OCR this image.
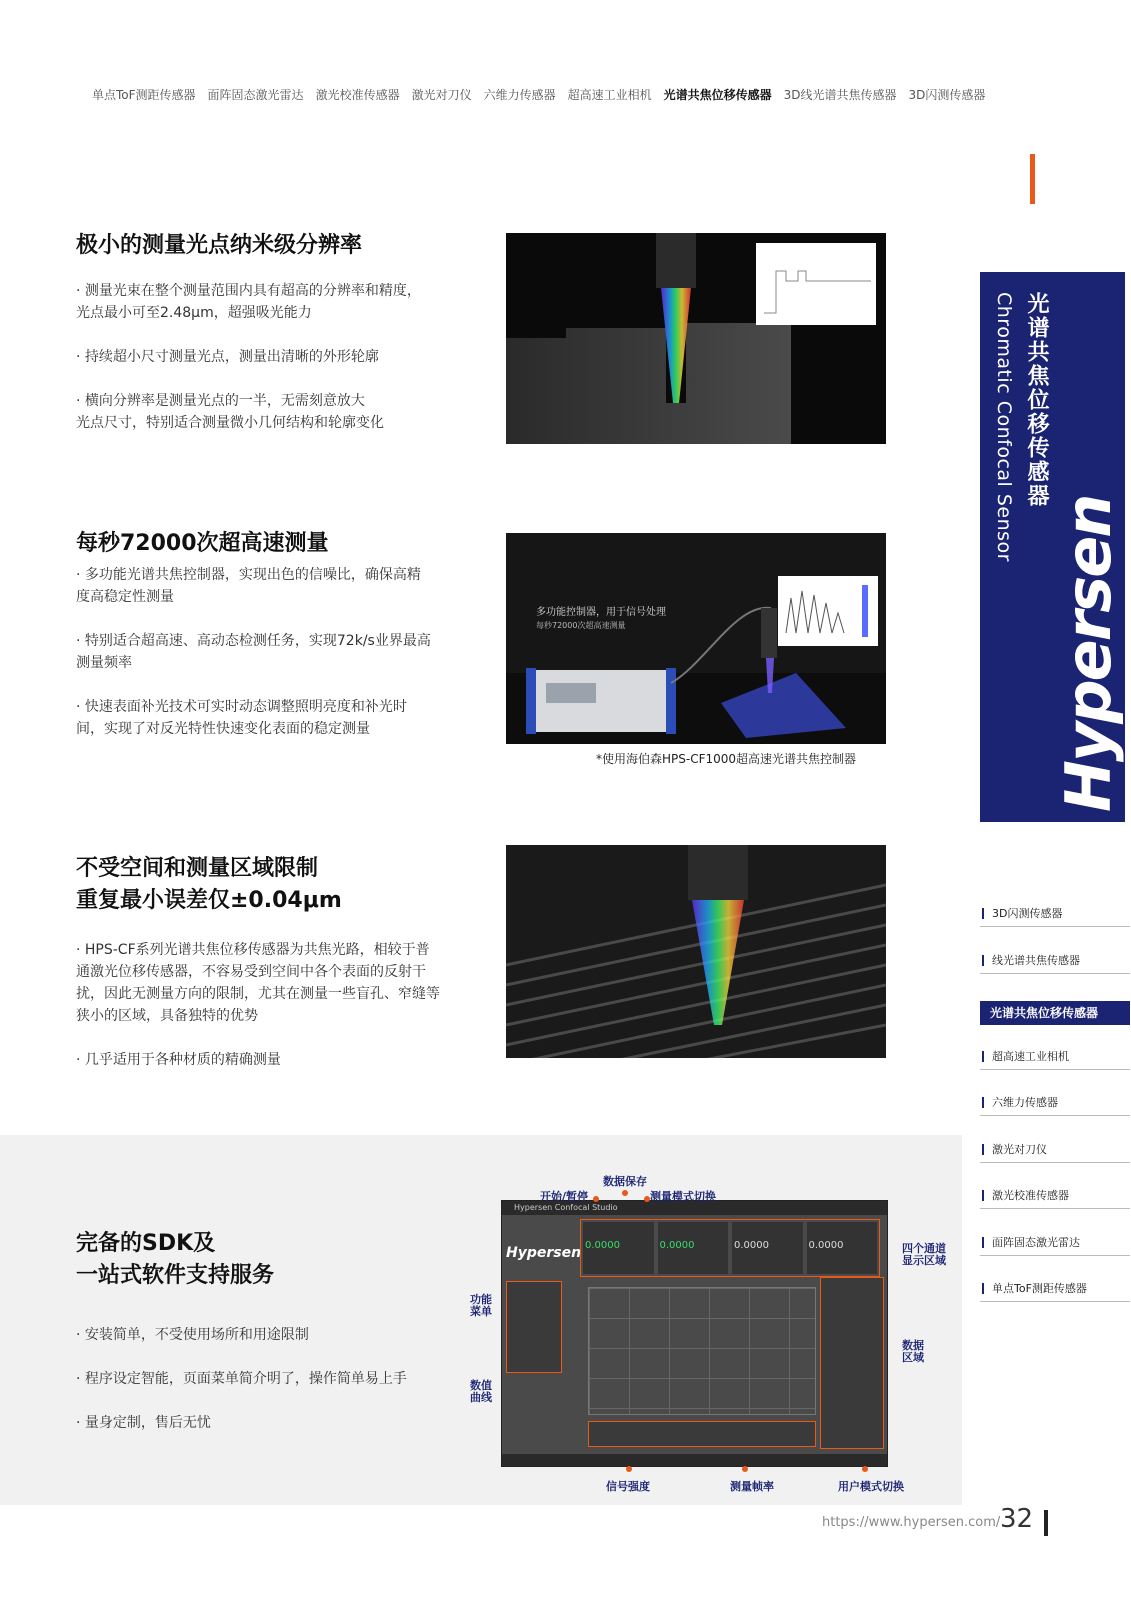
单点ToF测距传感器 面阵固态激光雷达 激光校准传感器 激光对刀仪 六维力传感器 超高速工业相机 光谱共焦位移传感器 3D线光谱共焦传感器 3D闪测传感器
光谱共焦位移传感器
Chromatic Confocal Sensor
Hypersen
3D闪测传感器
线光谱共焦传感器
光谱共焦位移传感器
超高速工业相机
六维力传感器
激光对刀仪
激光校准传感器
面阵固态激光雷达
单点ToF测距传感器
极小的测量光点纳米级分辨率

· 测量光束在整个测量范围内具有超高的分辨率和精度，

光点最小可至2.48μm，超强吸光能力

· 持续超小尺寸测量光点，测量出清晰的外形轮廓

· 横向分辨率是测量光点的一半，无需刻意放大

光点尺寸，特别适合测量微小几何结构和轮廓变化

每秒72000次超高速测量

· 多功能光谱共焦控制器，实现出色的信噪比，确保高精

度高稳定性测量

· 特别适合超高速、高动态检测任务，实现72k/s业界最高

测量频率

· 快速表面补光技术可实时动态调整照明亮度和补光时

间，实现了对反光特性快速变化表面的稳定测量

多功能控制器，用于信号处理
每秒72000次超高速测量
*使用海伯森HPS-CF1000超高速光谱共焦控制器
不受空间和测量区域限制
重复最小误差仅±0.04μm

· HPS-CF系列光谱共焦位移传感器为共焦光路，相较于普

通激光位移传感器，不容易受到空间中各个表面的反射干

扰，因此无测量方向的限制，尤其在测量一些盲孔、窄缝等

狭小的区域，具备独特的优势

· 几乎适用于各种材质的精确测量

完备的SDK及
一站式软件支持服务

· 安装简单，不受使用场所和用途限制

· 程序设定智能，页面菜单简介明了，操作简单易上手

· 量身定制，售后无忧

Hypersen Confocal Studio
Hypersen 0.0000	0.0000	0.0000	0.0000
开始/暂停
数据保存
测量模式切换
四个通道显示区域
功能菜单
数据区域
数值曲线
信号强度	测量帧率	用户模式切换
https://www.hypersen.com/ 32
